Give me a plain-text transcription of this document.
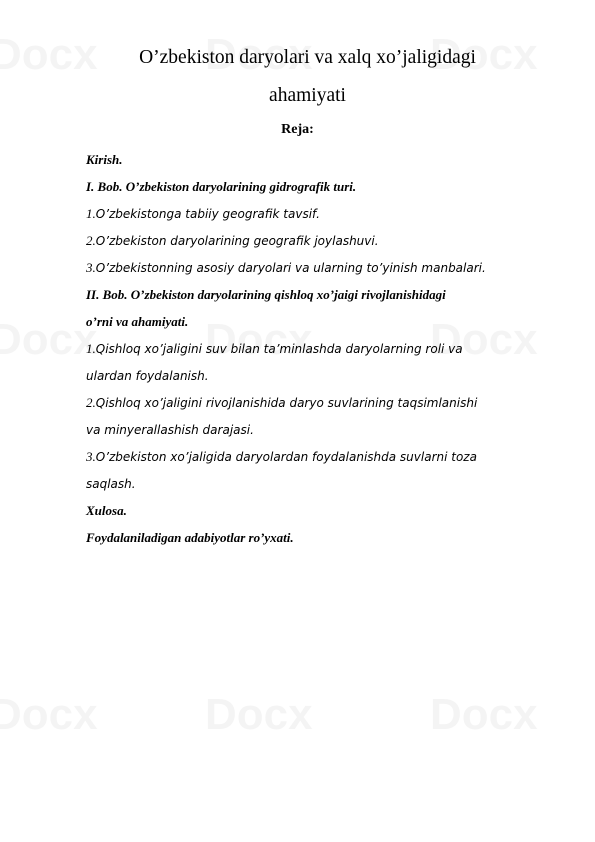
O’zbekiston daryolari va xalq xo’jaligidagi
ahamiyati
Reja:
Kirish.
I. Bob. O’zbekiston daryolarining gidrografik turi.
1.O’zbekistonga tabiiy geografik tavsif.
2.O’zbekiston daryolarining geografik joylashuvi.
3.O’zbekistonning asosiy daryolari va ularning to’yinish manbalari.
II. Bob. O’zbekiston daryolarining qishloq xo’jaigi rivojlanishidagi
o’rni va ahamiyati.
1.Qishloq xo’jaligini suv bilan ta’minlashda daryolarning roli va
ulardan foydalanish.
2.Qishloq xo’jaligini rivojlanishida daryo suvlarining taqsimlanishi
va minyerallashish darajasi.
3.O’zbekiston xo’jaligida daryolardan foydalanishda suvlarni toza
saqlash.
Xulosa.
Foydalaniladigan adabiyotlar ro’yxati.
